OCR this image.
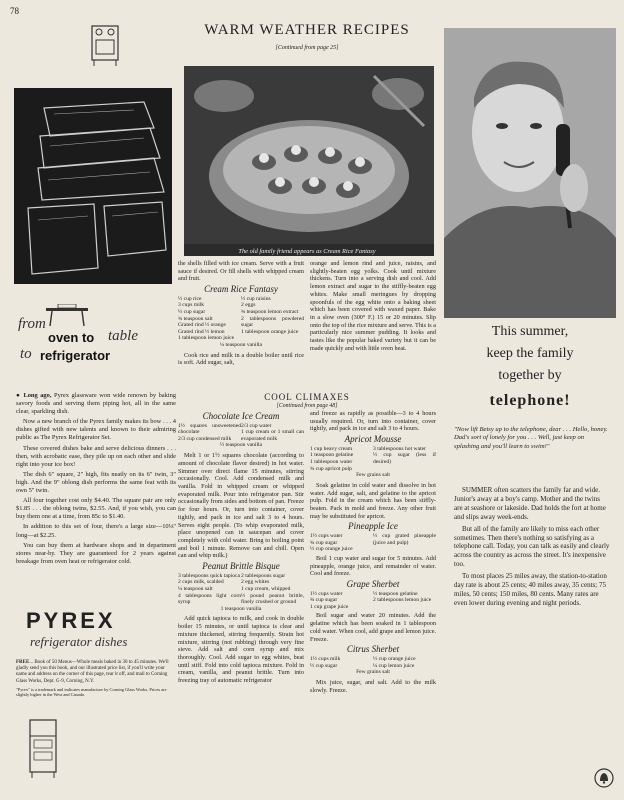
78
from
oven to table
to refrigerator

● Long ago, Pyrex glassware won wide renown by baking savory foods and serving them piping hot, all in the same clear, sparkling dish.

Now a new branch of the Pyrex family makes its bow . . . 4 dishes gifted with new talents and known to their admiring public as The Pyrex Refrigerator Set.

These covered dishes bake and serve delicious dinners . . . then, with acrobatic ease, they pile up on each other and slide right into your ice box!

The dish 6" square, 2" high, fits neatly on its 6" twin, 3" high. And the 9" oblong dish performs the same feat with its own 5" twin.

All four together cost only $4.40. The square pair are only $1.85 . . . the oblong twins, $2.55. And, if you wish, you can buy them one at a time, from 85c to $1.40.

In addition to this set of four, there's a large size—10⅛" long—at $2.25.

You can buy them at hardware shops and in department stores near-by. They are guaranteed for 2 years against breakage from oven heat or refrigerator cold.

PYREX
refrigerator dishes
FREE... Book of 50 Menus—Whole meals baked in 30 to 45 minutes. We'll gladly send you this book, and our illustrated price list, if you'll write your name and address on the corner of this page, tear it off, and mail to Corning Glass Works, Dept. G-9, Corning, N.Y.
"Pyrex" is a trademark and indicates manufacture by Corning Glass Works. Prices are slightly higher in the West and Canada.
WARM WEATHER RECIPES
[Continued from page 25]
The old family friend appears as Cream Rice Fantasy
the shells filled with ice cream. Serve with a fruit sauce if desired. Or fill shells with whipped cream and fruit.
Cream Rice Fantasy
½ cup rice
3 cups milk
½ cup sugar
¾ teaspoon salt
Grated rind ½ orange
Grated rind ½ lemon
1 tablespoon lemon juice
½ cup raisins
2 eggs
¾ teaspoon lemon extract
2 tablespoons powdered sugar
1 tablespoon orange juice
¼ teaspoon vanilla
Cook rice and milk in a double boiler until rice is soft. Add sugar, salt,
orange and lemon rind and juice, raisins, and slightly-beaten egg yolks. Cook until mixture thickens. Turn into a serving dish and cool. Add lemon extract and sugar to the stiffly-beaten egg whites. Make small meringues by dropping spoonfuls of the egg white onto a baking sheet which has been covered with waxed paper. Bake in a slow oven (300° F.) 15 or 20 minutes. Slip onto the top of the rice mixture and serve. This is a particularly nice summer pudding. It looks and tastes like the popular baked variety but it can be made quickly and with little oven heat.
COOL CLIMAXES
[Continued from page 48]
Chocolate Ice Cream
1½ squares unsweetened chocolate
2/3 cup condensed milk
2/3 cup water
1 cup cream or 1 small can evaporated milk
½ teaspoon vanilla
Melt 1 or 1½ squares chocolate (according to amount of chocolate flavor desired) in hot water. Simmer over direct flame 15 minutes, stirring occasionally. Cool. Add condensed milk and vanilla. Fold in whipped cream or whipped evaporated milk. Pour into refrigerator pan. Stir occasionally from sides and bottom of pan. Freeze for four hours. Or, turn into container, cover tightly, and pack in ice and salt 3 to 4 hours. Serves eight people. (To whip evaporated milk, place unopened can in saucepan and cover completely with cold water. Bring to boiling point and boil 1 minute. Remove can and chill. Open can and whip milk.)
Peanut Brittle Bisque
3 tablespoons quick tapioca
2 cups milk, scalded
¼ teaspoon salt
4 tablespoons light corn syrup
2 tablespoons sugar
2 egg whites
1 cup cream, whipped
½ pound peanut brittle, finely crushed or ground
1 teaspoon vanilla
Add quick tapioca to milk, and cook in double boiler 15 minutes, or until tapioca is clear and mixture thickened, stirring frequently. Strain hot mixture, stirring (not rubbing) through very fine sieve. Add salt and corn syrup and mix thoroughly. Cool. Add sugar to egg whites, beat until stiff. Fold into cold tapioca mixture. Fold in cream, vanilla, and peanut brittle. Turn into freezing tray of automatic refrigerator
and freeze as rapidly as possible—3 to 4 hours usually required. Or, turn into container, cover tightly, and pack in ice and salt 3 to 4 hours.
Apricot Mousse
1 cup heavy cream
1 teaspoon gelatine
1 tablespoon water
¾ cup apricot pulp
3 tablespoons hot water
½ cup sugar (less if desired)
Few grains salt
Soak gelatine in cold water and dissolve in hot water. Add sugar, salt, and gelatine to the apricot pulp. Fold in the cream which has been stiffly-beaten. Pack in mold and freeze. Any other fruit may be substituted for apricot.
Pineapple Ice
1½ cups water
¾ cup sugar
½ cup orange juice
½ cup grated pineapple (juice and pulp)
Boil 1 cup water and sugar for 5 minutes. Add pineapple, orange juice, and remainder of water. Cool and freeze.
Grape Sherbet
1½ cups water
¾ cup sugar
1 cup grape juice
½ teaspoon gelatine
2 tablespoons lemon juice
Boil sugar and water 20 minutes. Add the gelatine which has been soaked in 1 tablespoon cold water. When cool, add grape and lemon juice. Freeze.
Citrus Sherbet
1½ cups milk
½ cup sugar
½ cup orange juice
¼ cup lemon juice
Few grains salt
Mix juice, sugar, and salt. Add to the milk slowly. Freeze.
This summer,
keep the family
together by
telephone!
"Now lift Betsy up to the telephone, dear . . . Hello, honey. Dad's sort of lonely for you . . . Well, just keep on splashing and you'll learn to swim!"

SUMMER often scatters the family far and wide. Junior's away at a boy's camp. Mother and the twins are at seashore or lakeside. Dad holds the fort at home and slips away week-ends.

But all of the family are likely to miss each other sometimes. Then there's nothing so satisfying as a telephone call. Today, you can talk as easily and clearly across the country as across the street. It's inexpensive too.

To most places 25 miles away, the station-to-station day rate is about 25 cents; 40 miles away, 35 cents; 75 miles, 50 cents; 150 miles, 80 cents. Many rates are even lower during evening and night periods.
